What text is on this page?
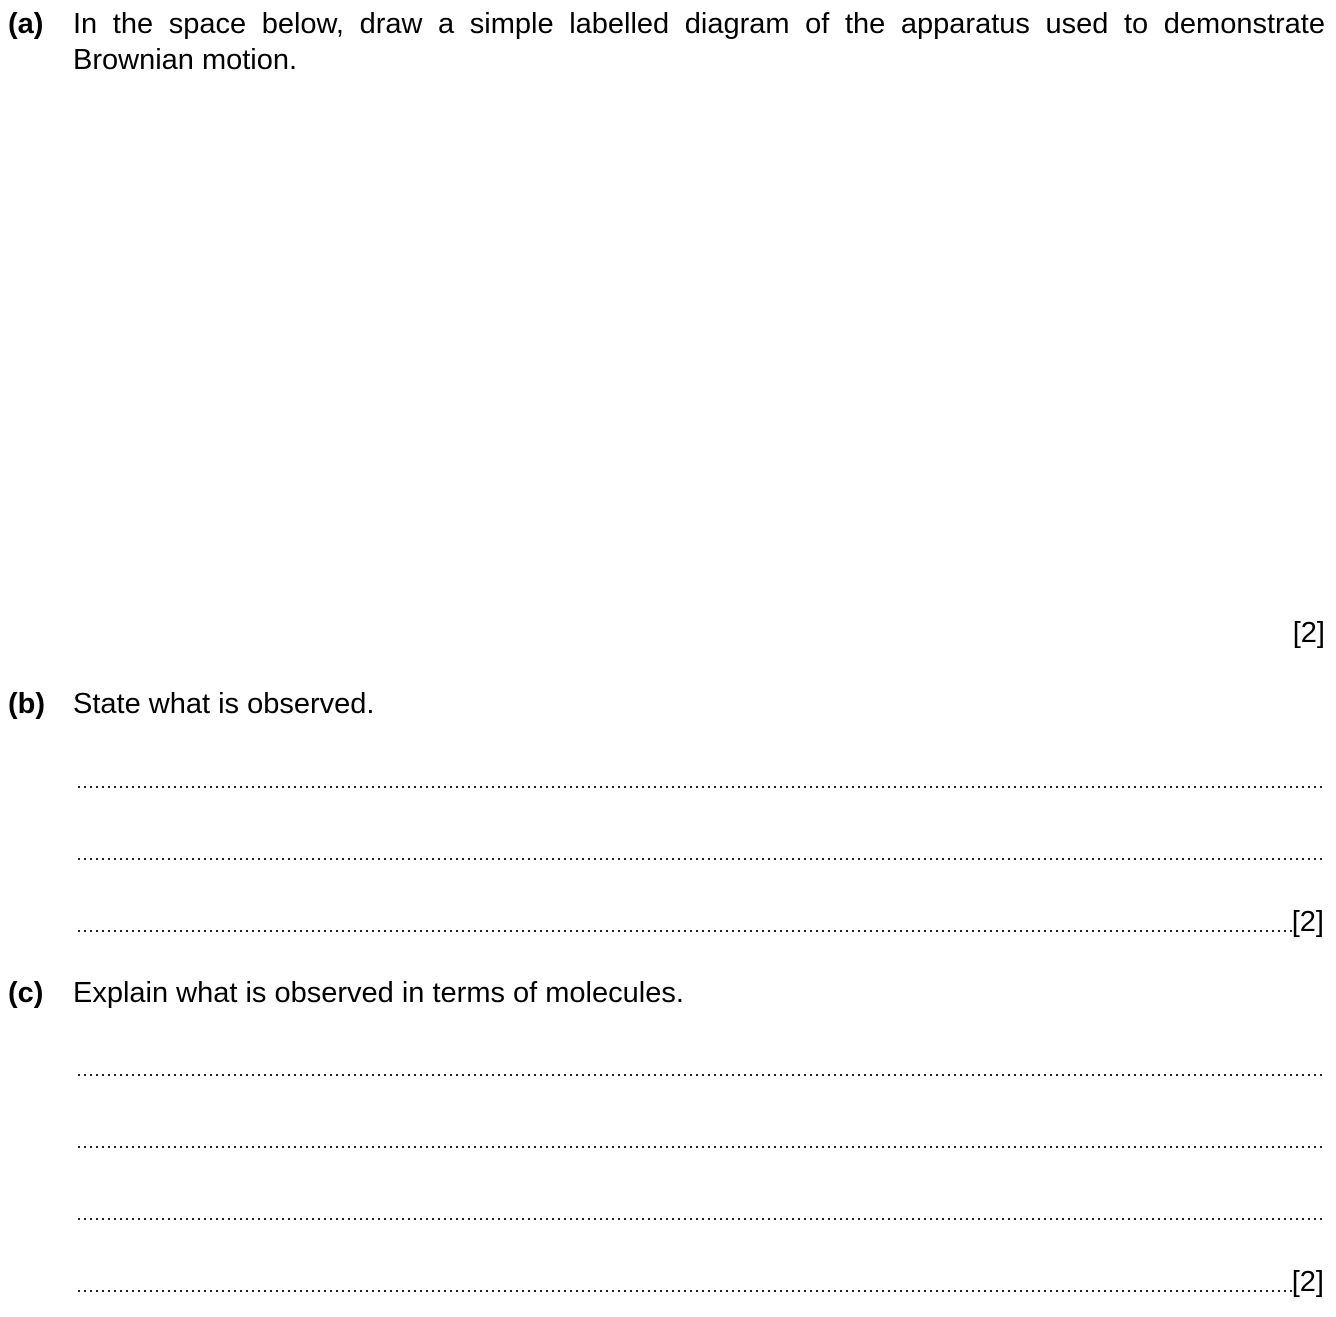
(a) In the space below, draw a simple labelled diagram of the apparatus used to demonstrate Brownian motion.
[2]
(b) State what is observed.
[2]
(c) Explain what is observed in terms of molecules.
[2]
